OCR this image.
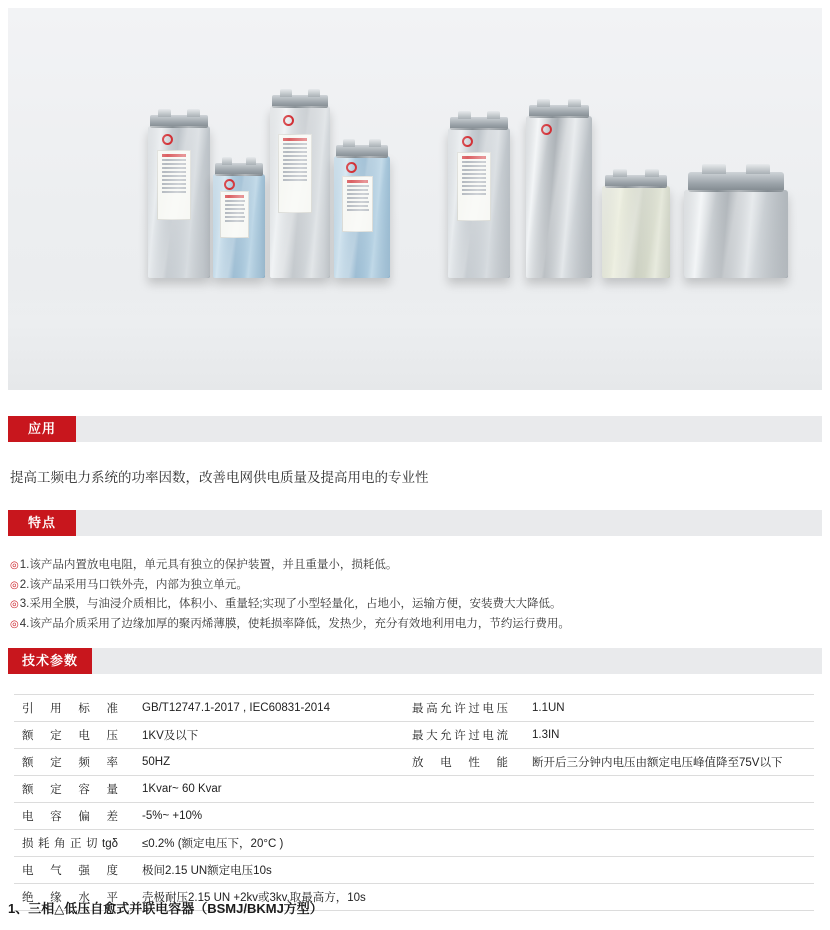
应用
提高工频电力系统的功率因数，改善电网供电质量及提高用电的专业性
特点
◎1.该产品内置放电电阻，单元具有独立的保护装置，并且重量小，损耗低。
◎2.该产品采用马口铁外壳，内部为独立单元。
◎3.采用全膜，与油浸介质相比，体积小、重量轻;实现了小型轻量化，占地小，运输方便，安装费大大降低。
◎4.该产品介质采用了边缘加厚的聚丙烯薄膜，使耗损率降低，发热少，充分有效地利用电力，节约运行费用。
技术参数
引 用 标 准	GB/T12747.1-2017 , IEC60831-2014	最高允许过电压	1.1UN
额 定 电 压	1KV及以下	最大允许过电流	1.3IN
额 定 频 率	50HZ	放 电 性 能	断开后三分钟内电压由额定电压峰值降至75V以下
额 定 容 量	1Kvar~ 60 Kvar		
电 容 偏 差	-5%~ +10%		
损耗角正切tgδ	≤0.2% (额定电压下，20°C )		
电 气 强 度	极间2.15 UN额定电压10s		
绝 缘 水 平	壳极耐压2.15 UN +2kv或3kv,取最高方，10s		
1、三相△低压自愈式并联电容器（BSMJ/BKMJ方型）
